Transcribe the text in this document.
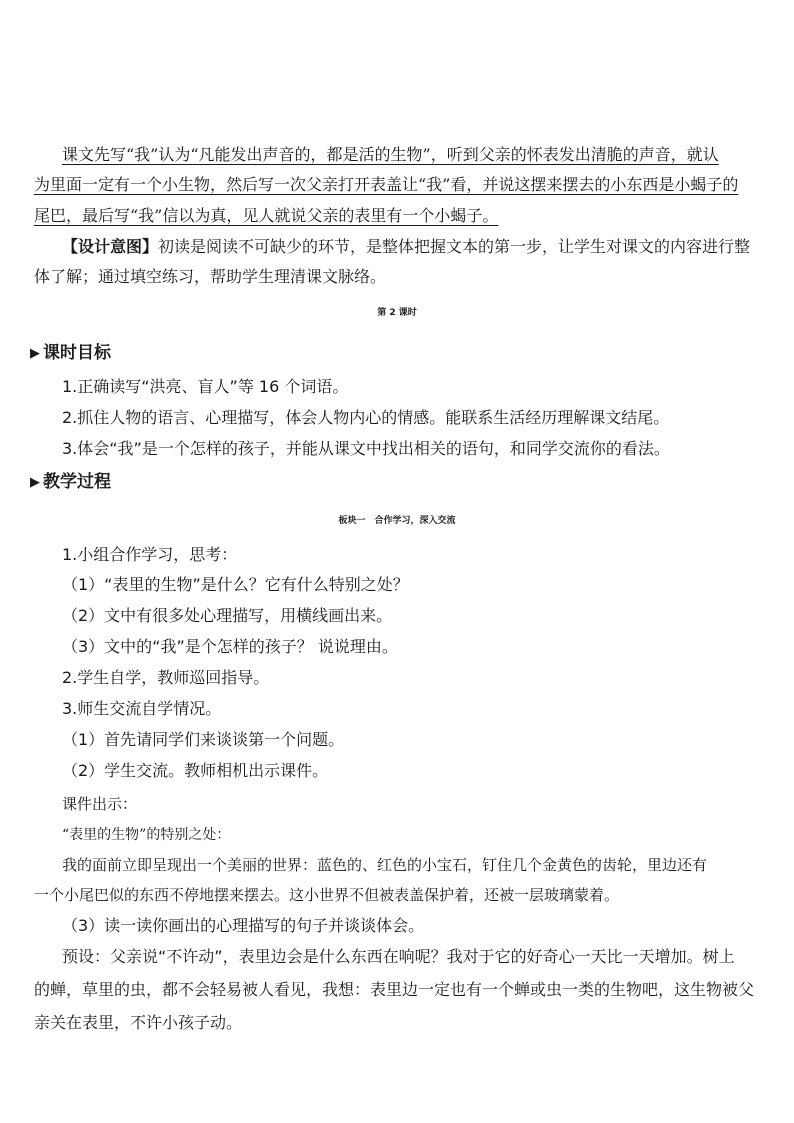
课文先写“我”认为“凡能发出声音的，都是活的生物”，听到父亲的怀表发出清脆的声音，就认
为里面一定有一个小生物，然后写一次父亲打开表盖让“我”看，并说这摆来摆去的小东西是小蝎子的
尾巴，最后写“我”信以为真，见人就说父亲的表里有一个小蝎子。
【设计意图】初读是阅读不可缺少的环节，是整体把握文本的第一步，让学生对课文的内容进行整
体了解；通过填空练习，帮助学生理清课文脉络。
第 2 课时
▶ 课时目标
1.正确读写“洪亮、盲人”等 16 个词语。
2.抓住人物的语言、心理描写，体会人物内心的情感。能联系生活经历理解课文结尾。
3.体会“我”是一个怎样的孩子，并能从课文中找出相关的语句，和同学交流你的看法。
▶ 教学过程
板块一　合作学习，深入交流
1.小组合作学习，思考：
（1）“表里的生物”是什么？它有什么特别之处？
（2）文中有很多处心理描写，用横线画出来。
（3）文中的“我”是个怎样的孩子？ 说说理由。
2.学生自学，教师巡回指导。
3.师生交流自学情况。
（1）首先请同学们来谈谈第一个问题。
（2）学生交流。教师相机出示课件。
课件出示：
“表里的生物”的特别之处：
我的面前立即呈现出一个美丽的世界：蓝色的、红色的小宝石，钉住几个金黄色的齿轮，里边还有
一个小尾巴似的东西不停地摆来摆去。这小世界不但被表盖保护着，还被一层玻璃蒙着。
（3）读一读你画出的心理描写的句子并谈谈体会。
预设：父亲说“不许动”，表里边会是什么东西在响呢？我对于它的好奇心一天比一天增加。树上
的蝉，草里的虫，都不会轻易被人看见，我想：表里边一定也有一个蝉或虫一类的生物吧，这生物被父
亲关在表里，不许小孩子动。
